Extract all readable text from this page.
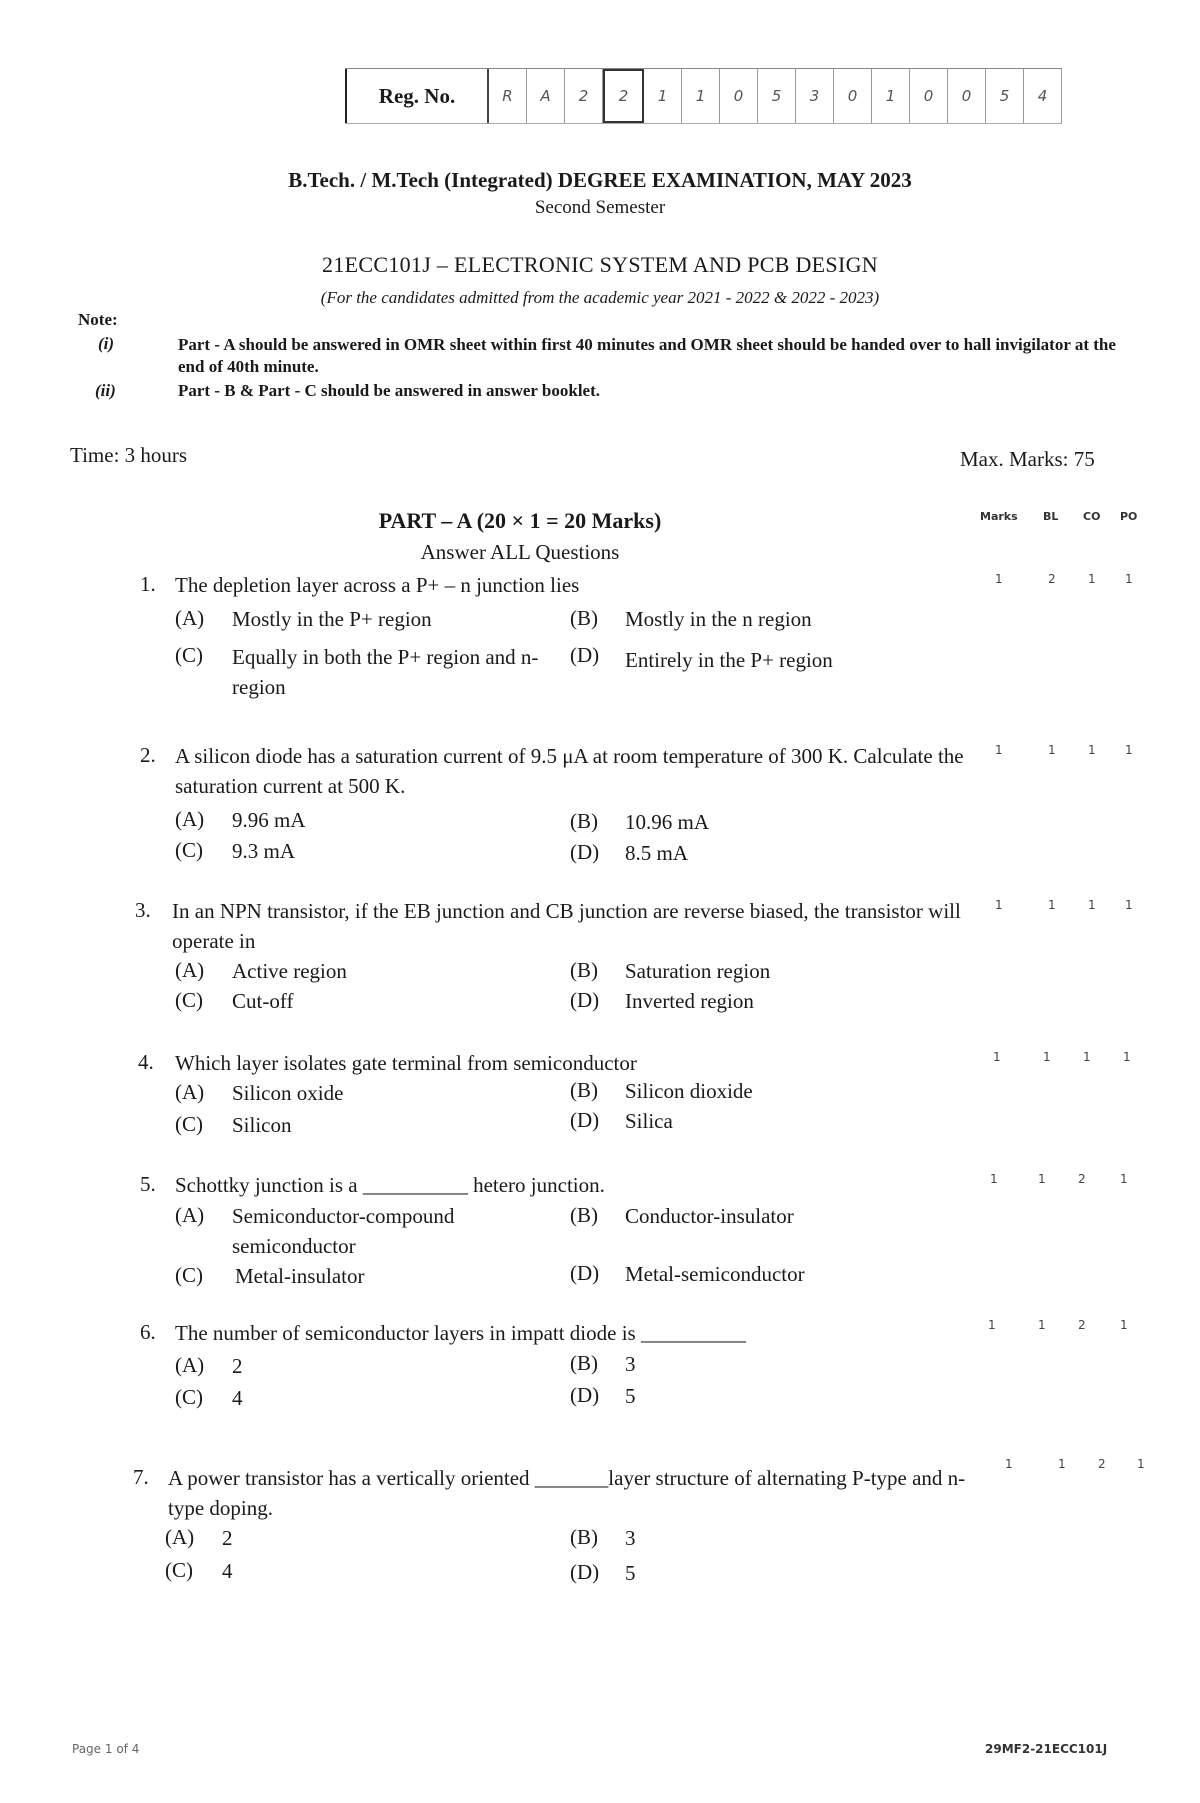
Reg. No.	R	A	2	2	1	1	0	5	3	0	1	0	0	5	4
B.Tech. / M.Tech (Integrated) DEGREE EXAMINATION, MAY 2023
Second Semester
21ECC101J – ELECTRONIC SYSTEM AND PCB DESIGN
(For the candidates admitted from the academic year 2021 - 2022 & 2022 - 2023)
Note:
(i)	Part - A should be answered in OMR sheet within first 40 minutes and OMR sheet should be handed over to hall invigilator at the end of 40th minute.
(ii)	Part - B & Part - C should be answered in answer booklet.
Time: 3 hours	Max. Marks: 75
PART – A (20 × 1 = 20 Marks)
Answer ALL Questions
Marks BL CO PO
1. The depletion layer across a P+ – n junction lies
(A) Mostly in the P+ region	(B) Mostly in the n region
(C) Equally in both the P+ region and n-region
(D) Entirely in the P+ region
1	2	1 1
2. A silicon diode has a saturation current of 9.5 μA at room temperature of 300 K. Calculate the saturation current at 500 K.
(A) 9.96 mA	(B) 10.96 mA
(C) 9.3 mA	(D) 8.5 mA
1	1	1 1
3. In an NPN transistor, if the EB junction and CB junction are reverse biased, the transistor will operate in
(A) Active region	(B) Saturation region
(C) Cut-off	(D) Inverted region
1	1	1 1
4. Which layer isolates gate terminal from semiconductor
(A) Silicon oxide	(B) Silicon dioxide
(C) Silicon	(D) Silica
1	1	1	1
5. Schottky junction is a __________ hetero junction.
(A) Semiconductor-compound semiconductor
(B) Conductor-insulator
(C) Metal-insulator	(D) Metal-semiconductor
1	1	2	1
6. The number of semiconductor layers in impatt diode is __________
(A) 2	(B) 3
(C) 4	(D) 5
1	1	2	1
7. A power transistor has a vertically oriented _______layer structure of alternating P-type and n-type doping.
(A) 2	(B) 3
(C) 4	(D) 5
1	1	2	1
Page 1 of 4	29MF2-21ECC101J
